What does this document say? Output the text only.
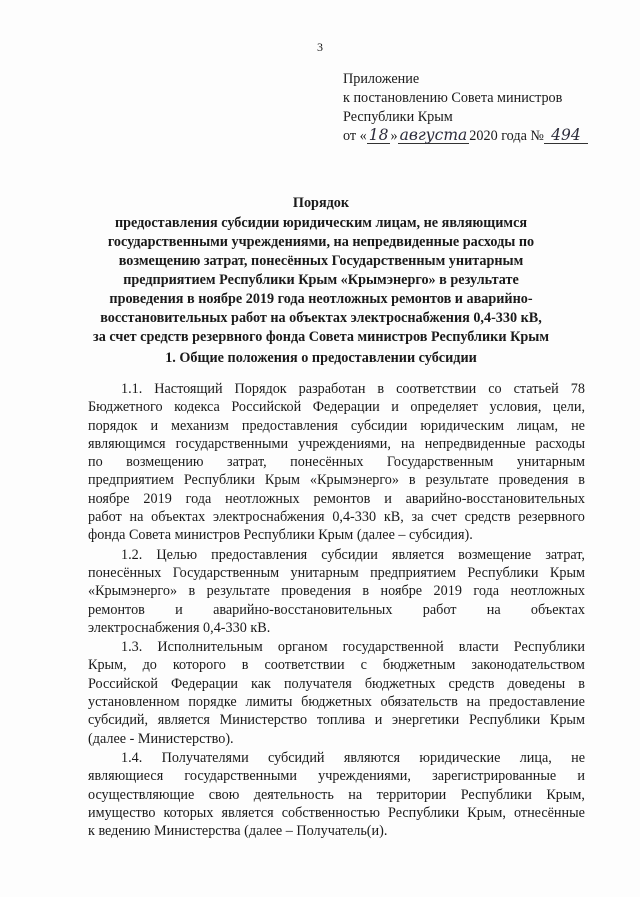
3
Приложение
к постановлению Совета министров
Республики Крым
от « 18 » августа 2020 года № 494
Порядок
предоставления субсидии юридическим лицам, не являющимся
государственными учреждениями, на непредвиденные расходы по
возмещению затрат, понесённых Государственным унитарным
предприятием Республики Крым «Крымэнерго» в результате
проведения в ноябре 2019 года неотложных ремонтов и аварийно-
восстановительных работ на объектах электроснабжения 0,4-330 кВ,
за счет средств резервного фонда Совета министров Республики Крым
1. Общие положения о предоставлении субсидии
1.1. Настоящий Порядок разработан в соответствии со статьей 78
Бюджетного кодекса Российской Федерации и определяет условия, цели,
порядок и механизм предоставления субсидии юридическим лицам, не
являющимся государственными учреждениями, на непредвиденные расходы
по возмещению затрат, понесённых Государственным унитарным
предприятием Республики Крым «Крымэнерго» в результате проведения в
ноябре 2019 года неотложных ремонтов и аварийно-восстановительных
работ на объектах электроснабжения 0,4-330 кВ, за счет средств резервного
фонда Совета министров Республики Крым (далее – субсидия).
1.2. Целью предоставления субсидии является возмещение затрат,
понесённых Государственным унитарным предприятием Республики Крым
«Крымэнерго» в результате проведения в ноябре 2019 года неотложных
ремонтов и аварийно-восстановительных работ на объектах
электроснабжения 0,4-330 кВ.
1.3. Исполнительным органом государственной власти Республики
Крым, до которого в соответствии с бюджетным законодательством
Российской Федерации как получателя бюджетных средств доведены в
установленном порядке лимиты бюджетных обязательств на предоставление
субсидий, является Министерство топлива и энергетики Республики Крым
(далее - Министерство).
1.4. Получателями субсидий являются юридические лица, не
являющиеся государственными учреждениями, зарегистрированные и
осуществляющие свою деятельность на территории Республики Крым,
имущество которых является собственностью Республики Крым, отнесённые
к ведению Министерства (далее – Получатель(и).
